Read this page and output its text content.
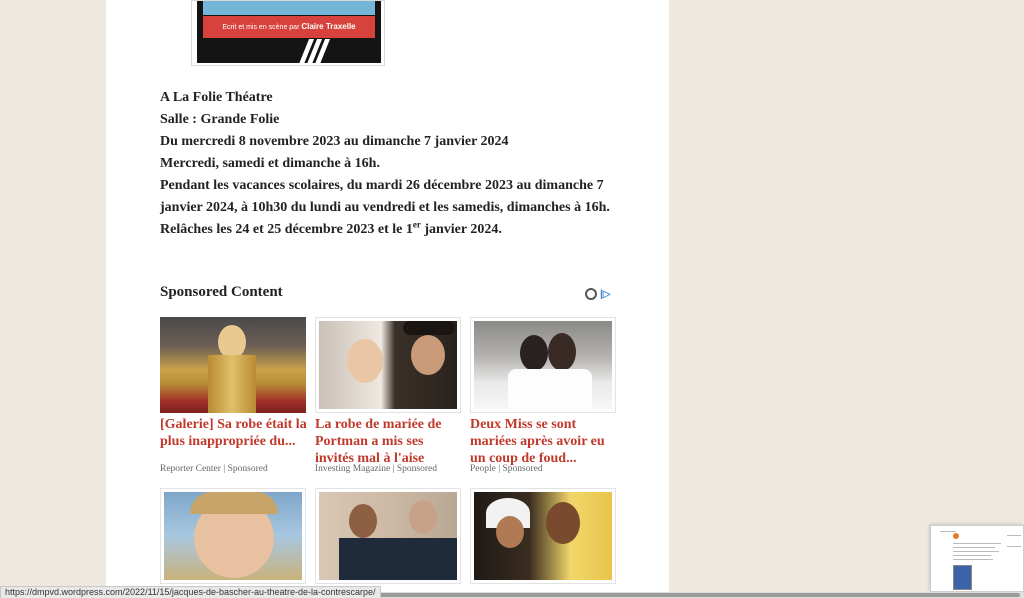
Ecrit et mis en scène par Claire Traxelle
A La Folie Théatre
Salle : Grande Folie
Du mercredi 8 novembre 2023 au dimanche 7 janvier 2024
Mercredi, samedi et dimanche à 16h.
Pendant les vacances scolaires, du mardi 26 décembre 2023 au dimanche 7 janvier 2024, à 10h30 du lundi au vendredi et les samedis, dimanches à 16h. Relâches les 24 et 25 décembre 2023 et le 1er janvier 2024.
Sponsored Content	|▷
[Galerie] Sa robe était la plus inappropriée du...
Reporter Center | Sponsored
La robe de mariée de Portman a mis ses invités mal à l'aise
Investing Magazine | Sponsored
Deux Miss se sont mariées après avoir eu un coup de foud...
People | Sponsored
https://dmpvd.wordpress.com/2022/11/15/jacques-de-bascher-au-theatre-de-la-contrescarpe/
